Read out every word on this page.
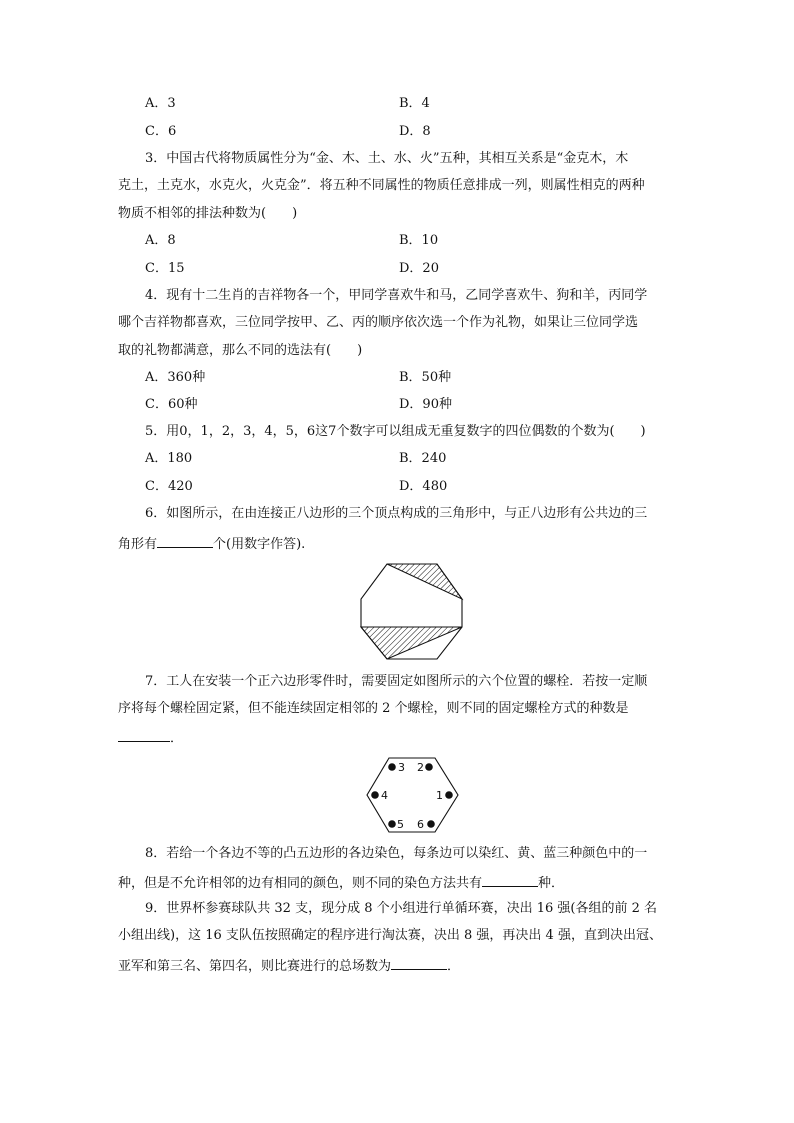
A．3	B．4
C．6	D．8
3．中国古代将物质属性分为“金、木、土、水、火”五种，其相互关系是“金克木，木
克土，土克水，水克火，火克金”．将五种不同属性的物质任意排成一列，则属性相克的两种
物质不相邻的排法种数为(　　)
A．8	B．10
C．15	D．20
4．现有十二生肖的吉祥物各一个，甲同学喜欢牛和马，乙同学喜欢牛、狗和羊，丙同学
哪个吉祥物都喜欢，三位同学按甲、乙、丙的顺序依次选一个作为礼物，如果让三位同学选
取的礼物都满意，那么不同的选法有(　　)
A．360种	B．50种
C．60种	D．90种
5．用0，1，2，3，4，5，6这7个数字可以组成无重复数字的四位偶数的个数为(　　)
A．180	B．240
C．420	D．480
6．如图所示，在由连接正八边形的三个顶点构成的三角形中，与正八边形有公共边的三
角形有	个(用数字作答).
7．工人在安装一个正六边形零件时，需要固定如图所示的六个位置的螺栓．若按一定顺
序将每个螺栓固定紧，但不能连续固定相邻的 2 个螺栓，则不同的固定螺栓方式的种数是
．
2
3
4	1
5 6
8．若给一个各边不等的凸五边形的各边染色，每条边可以染红、黄、蓝三种颜色中的一
种，但是不允许相邻的边有相同的颜色，则不同的染色方法共有	种．
9．世界杯参赛球队共 32 支，现分成 8 个小组进行单循环赛，决出 16 强(各组的前 2 名
小组出线)，这 16 支队伍按照确定的程序进行淘汰赛，决出 8 强，再决出 4 强，直到决出冠、
亚军和第三名、第四名，则比赛进行的总场数为	．
